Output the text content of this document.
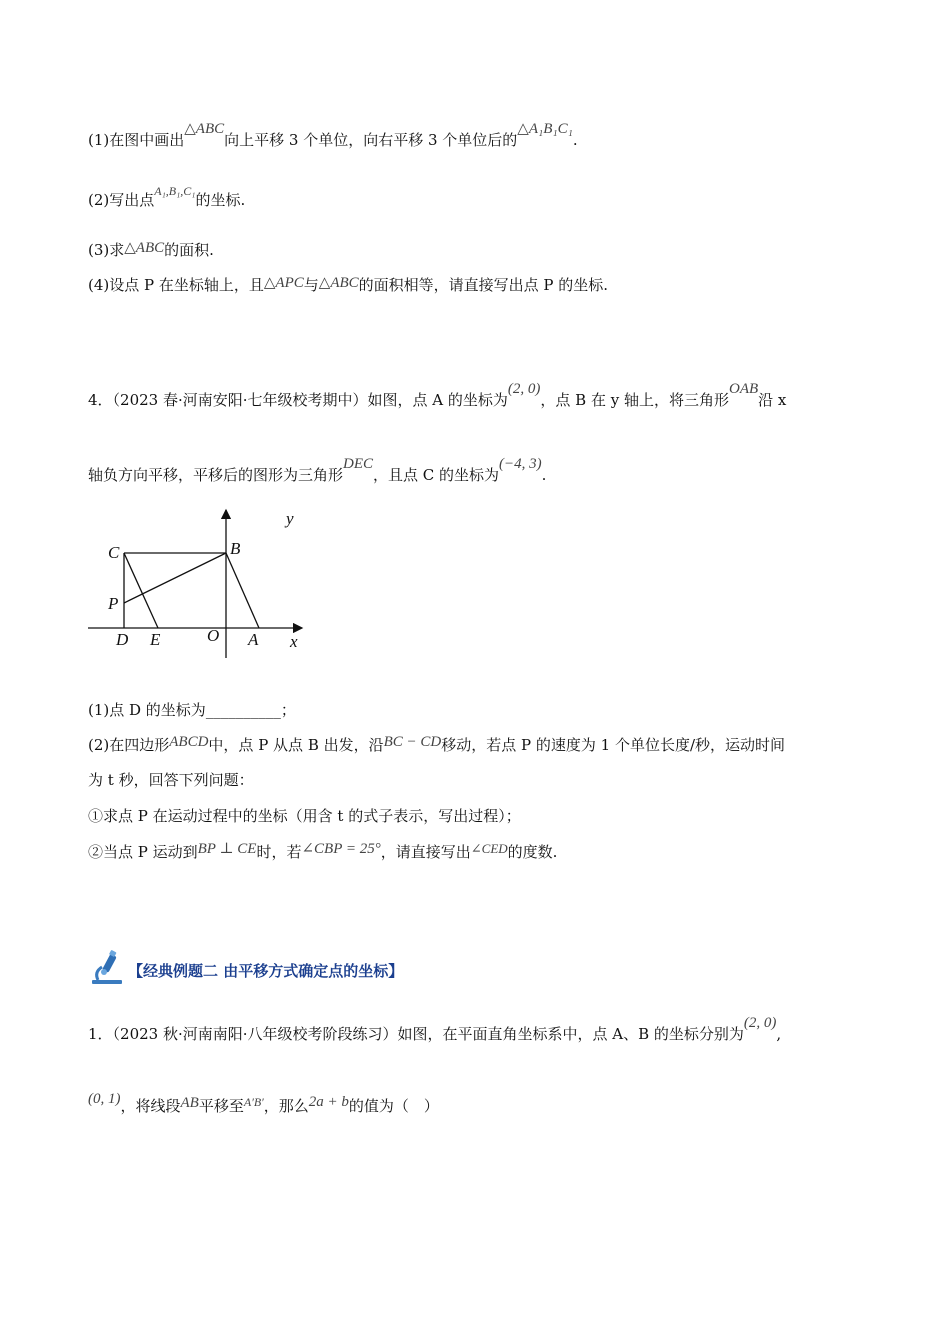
(1)在图中画出△ABC向上平移 3 个单位，向右平移 3 个单位后的△A₁B₁C₁.
(2)写出点$^{A_1,B_1,C_1}$的坐标.
(3)求△ABC的面积.
(4)设点 P 在坐标轴上，且△APC与△ABC的面积相等，请直接写出点 P 的坐标.
4．（2023 春·河南安阳·七年级校考期中）如图，点 A 的坐标为(2, 0)，点 B 在 y 轴上，将三角形OAB沿 x
轴负方向平移，平移后的图形为三角形DEC，且点 C 的坐标为(−4, 3).
y
x
C	B
P
D E	O A
(1)点 D 的坐标为__________；
(2)在四边形ABCD中，点 P 从点 B 出发，沿BC − CD移动，若点 P 的速度为 1 个单位长度/秒，运动时间
为 t 秒，回答下列问题：
①求点 P 在运动过程中的坐标（用含 t 的式子表示，写出过程）；
②当点 P 运动到BP ⊥ CE时，若∠CBP = 25°，请直接写出∠CED的度数.
【经典例题二 由平移方式确定点的坐标】
1．（2023 秋·河南南阳·八年级校考阶段练习）如图，在平面直角坐标系中，点 A、B 的坐标分别为(2, 0),
(0, 1)，将线段AB平移至$^{A'B'}$，那么2a + b的值为（　）
